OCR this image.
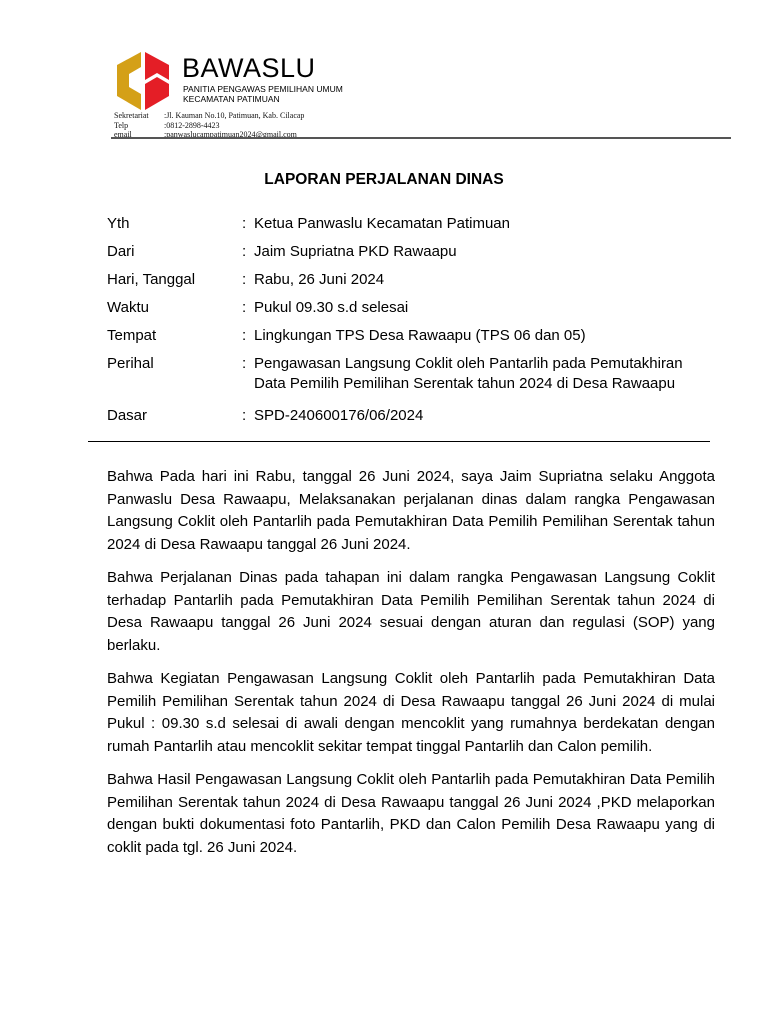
BAWASLU
PANITIA PENGAWAS PEMILIHAN UMUM
KECAMATAN PATIMUAN
Sekretariat	:Jl. Kauman No.10, Patimuan, Kab. Cilacap
Telp	:0812-2898-4423
email	:panwaslucampatimuan2024@gmail.com
LAPORAN PERJALANAN DINAS
Yth	: Ketua Panwaslu Kecamatan Patimuan
Dari	: Jaim Supriatna PKD Rawaapu
Hari, Tanggal	: Rabu, 26 Juni 2024
Waktu	: Pukul 09.30 s.d selesai
Tempat	: Lingkungan TPS Desa Rawaapu (TPS 06 dan 05)
Perihal	: Pengawasan Langsung Coklit oleh Pantarlih pada Pemutakhiran
Data Pemilih Pemilihan Serentak tahun 2024 di Desa Rawaapu
Dasar	: SPD-240600176/06/2024

Bahwa Pada hari ini Rabu, tanggal 26 Juni 2024, saya Jaim Supriatna selaku Anggota Panwaslu Desa Rawaapu, Melaksanakan perjalanan dinas dalam rangka Pengawasan Langsung Coklit oleh Pantarlih pada Pemutakhiran Data Pemilih Pemilihan Serentak tahun 2024 di Desa Rawaapu tanggal 26 Juni 2024.

Bahwa Perjalanan Dinas pada tahapan ini dalam rangka Pengawasan Langsung Coklit terhadap Pantarlih pada Pemutakhiran Data Pemilih Pemilihan Serentak tahun 2024 di Desa Rawaapu tanggal 26 Juni 2024 sesuai dengan aturan dan regulasi (SOP) yang berlaku.

Bahwa Kegiatan Pengawasan Langsung Coklit oleh Pantarlih pada Pemutakhiran Data Pemilih Pemilihan Serentak tahun 2024 di Desa Rawaapu tanggal 26 Juni 2024 di mulai Pukul : 09.30 s.d selesai di awali dengan mencoklit yang rumahnya berdekatan dengan rumah Pantarlih atau mencoklit sekitar tempat tinggal Pantarlih dan Calon pemilih.

Bahwa Hasil Pengawasan Langsung Coklit oleh Pantarlih pada Pemutakhiran Data Pemilih Pemilihan Serentak tahun 2024 di Desa Rawaapu tanggal 26 Juni 2024 ,PKD melaporkan dengan bukti dokumentasi foto Pantarlih, PKD dan Calon Pemilih Desa Rawaapu yang di coklit pada tgl. 26 Juni 2024.
